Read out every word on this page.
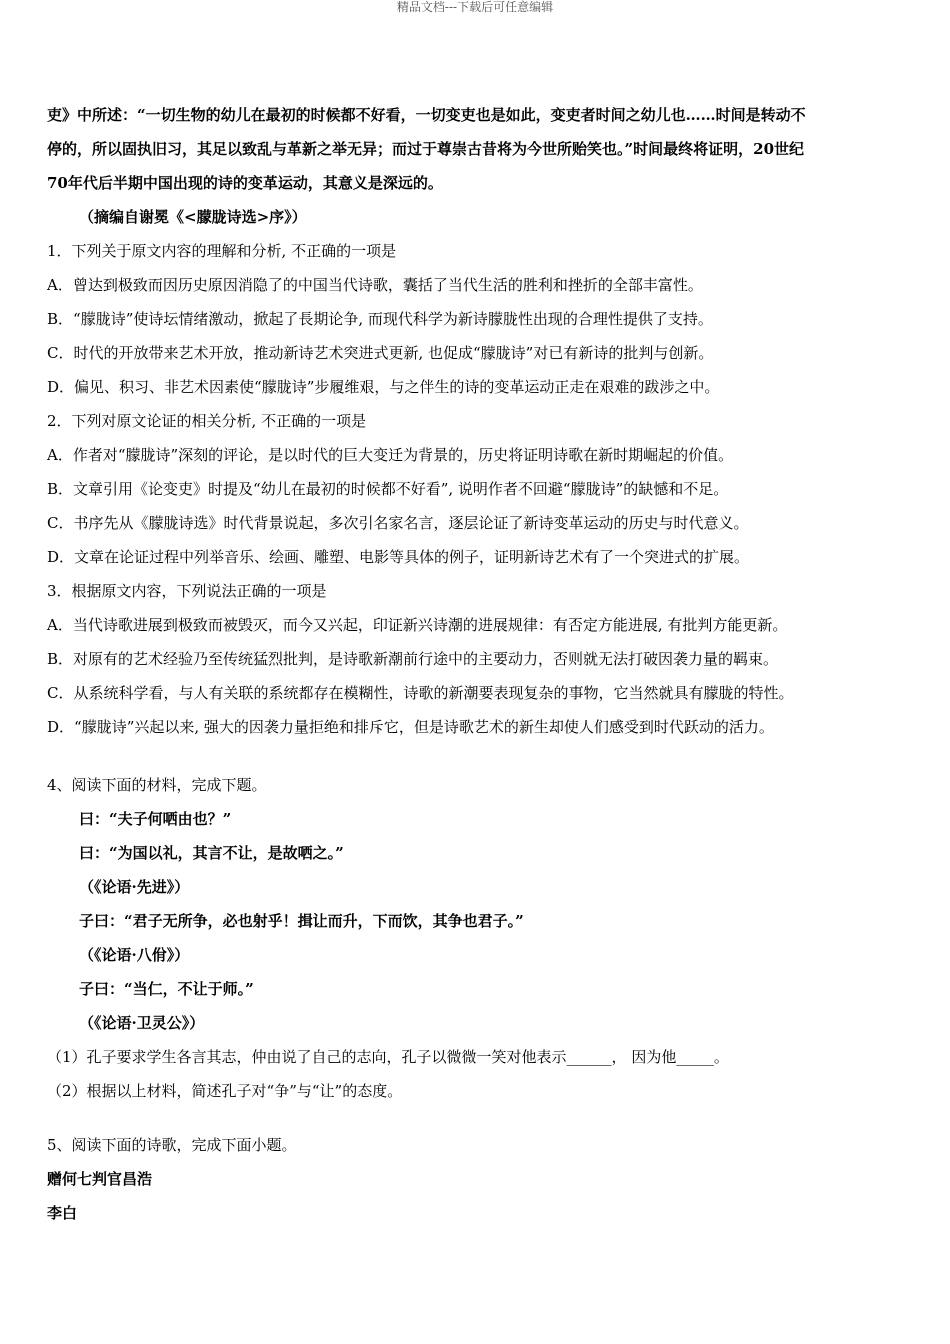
精品文档---下载后可任意编辑
吏》中所述：“一切生物的幼儿在最初的时候都不好看，一切变吏也是如此，变吏者时间之幼儿也……时间是转动不
停的，所以固执旧习，其足以致乱与革新之举无异；而过于尊崇古昔将为今世所贻笑也。”时间最终将证明，20世纪
70年代后半期中国出现的诗的变革运动，其意义是深远的。
（摘编自谢冕《<朦胧诗选>序》）
1．下列关于原文内容的理解和分析, 不正确的一项是
A．曾达到极致而因历史原因消隐了的中国当代诗歌，囊括了当代生活的胜利和挫折的全部丰富性。
B．“朦胧诗”使诗坛情绪激动，掀起了長期论争, 而现代科学为新诗朦胧性出现的合理性提供了支持。
C．时代的开放带来艺术开放，推动新诗艺术突进式更新, 也促成“朦胧诗”对已有新诗的批判与创新。
D．偏见、积习、非艺术因素使“朦胧诗”步履维艰，与之伴生的诗的变革运动正走在艰难的跋涉之中。
2．下列对原文论证的相关分析, 不正确的一项是
A．作者对“朦胧诗”深刻的评论，是以时代的巨大变迁为背景的，历史将证明诗歌在新时期崛起的价值。
B．文章引用《论变吏》时提及“幼儿在最初的时候都不好看”, 说明作者不回避“朦胧诗”的缺憾和不足。
C．书序先从《朦胧诗选》时代背景说起，多次引名家名言，逐层论证了新诗变革运动的历史与时代意义。
D．文章在论证过程中列举音乐、绘画、雕塑、电影等具体的例子，证明新诗艺术有了一个突进式的扩展。
3．根据原文内容，下列说法正确的一项是
A．当代诗歌进展到极致而被毁灭，而今又兴起，印证新兴诗潮的进展规律：有否定方能进展, 有批判方能更新。
B．对原有的艺术经验乃至传统猛烈批判，是诗歌新潮前行途中的主要动力，否则就无法打破因袭力量的羁束。
C．从系统科学看，与人有关联的系统都存在模糊性，诗歌的新潮要表现复杂的事物，它当然就具有朦胧的特性。
D．“朦胧诗”兴起以来, 强大的因袭力量拒绝和排斥它，但是诗歌艺术的新生却使人们感受到时代跃动的活力。
4、阅读下面的材料，完成下题。
曰：“夫子何哂由也？”
曰：“为国以礼，其言不让，是故哂之。”
（《论语·先进》）
子曰：“君子无所争，必也射乎！揖让而升，下而饮，其争也君子。”
（《论语·八佾》）
子曰：“当仁，不让于师。”
（《论语·卫灵公》）
（1）孔子要求学生各言其志，仲由说了自己的志向，孔子以微微一笑对他表示______， 因为他_____。
（2）根据以上材料，简述孔子对“争”与“让”的态度。
5、阅读下面的诗歌，完成下面小题。
赠何七判官昌浩
李白
